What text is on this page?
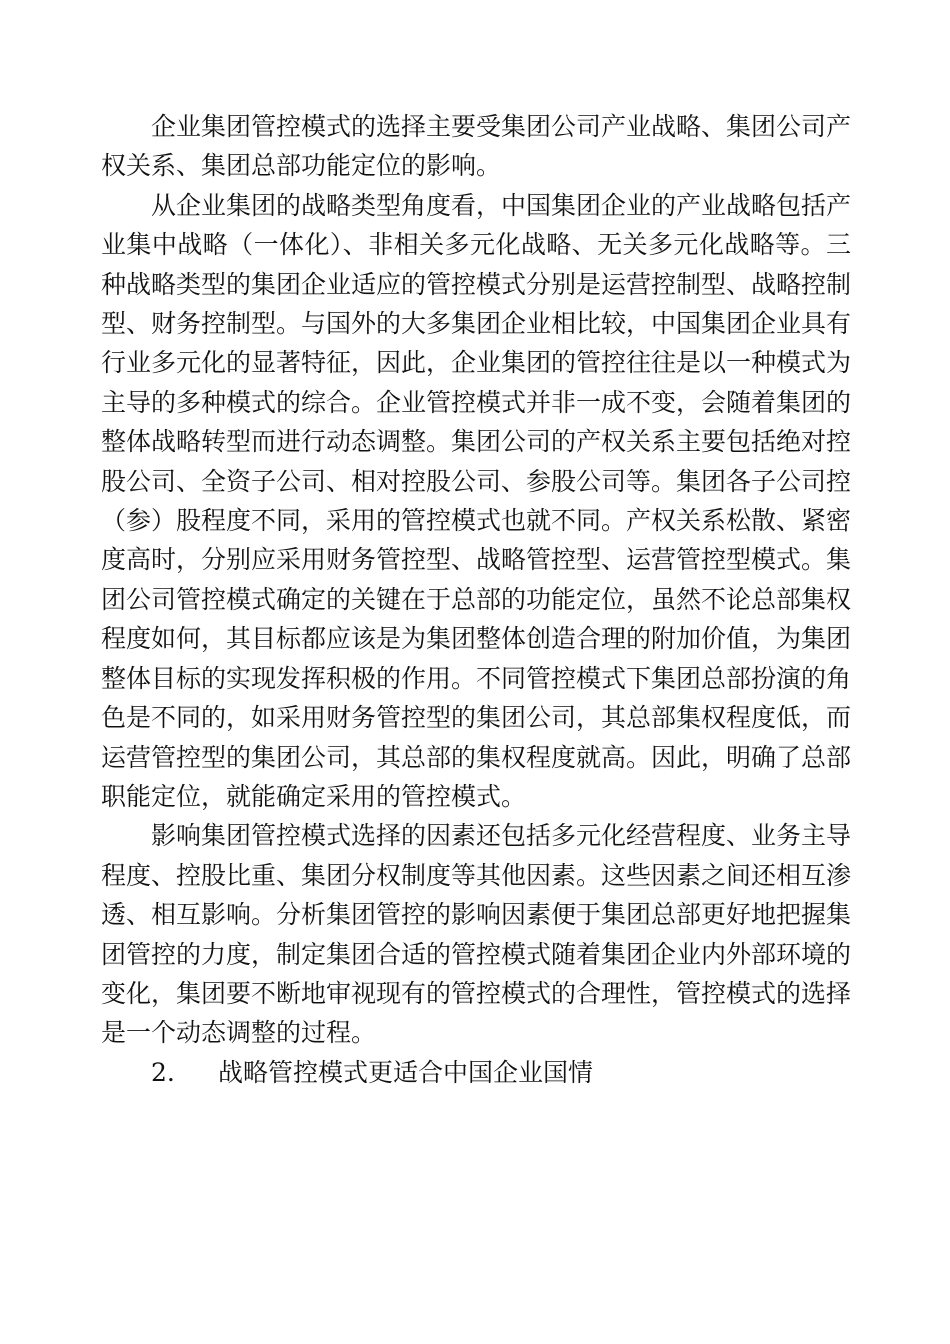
企业集团管控模式的选择主要受集团公司产业战略、集团公司产权关系、集团总部功能定位的影响。

从企业集团的战略类型角度看，中国集团企业的产业战略包括产业集中战略（一体化）、非相关多元化战略、无关多元化战略等。三种战略类型的集团企业适应的管控模式分别是运营控制型、战略控制型、财务控制型。与国外的大多集团企业相比较，中国集团企业具有行业多元化的显著特征，因此，企业集团的管控往往是以一种模式为主导的多种模式的综合。企业管控模式并非一成不变，会随着集团的整体战略转型而进行动态调整。集团公司的产权关系主要包括绝对控股公司、全资子公司、相对控股公司、参股公司等。集团各子公司控（参）股程度不同，采用的管控模式也就不同。产权关系松散、紧密度高时，分别应采用财务管控型、战略管控型、运营管控型模式。集团公司管控模式确定的关键在于总部的功能定位，虽然不论总部集权程度如何，其目标都应该是为集团整体创造合理的附加价值，为集团整体目标的实现发挥积极的作用。不同管控模式下集团总部扮演的角色是不同的，如采用财务管控型的集团公司，其总部集权程度低，而运营管控型的集团公司，其总部的集权程度就高。因此，明确了总部职能定位，就能确定采用的管控模式。

影响集团管控模式选择的因素还包括多元化经营程度、业务主导程度、控股比重、集团分权制度等其他因素。这些因素之间还相互渗透、相互影响。分析集团管控的影响因素便于集团总部更好地把握集团管控的力度，制定集团合适的管控模式随着集团企业内外部环境的变化，集团要不断地审视现有的管控模式的合理性，管控模式的选择是一个动态调整的过程。

2. 战略管控模式更适合中国企业国情
